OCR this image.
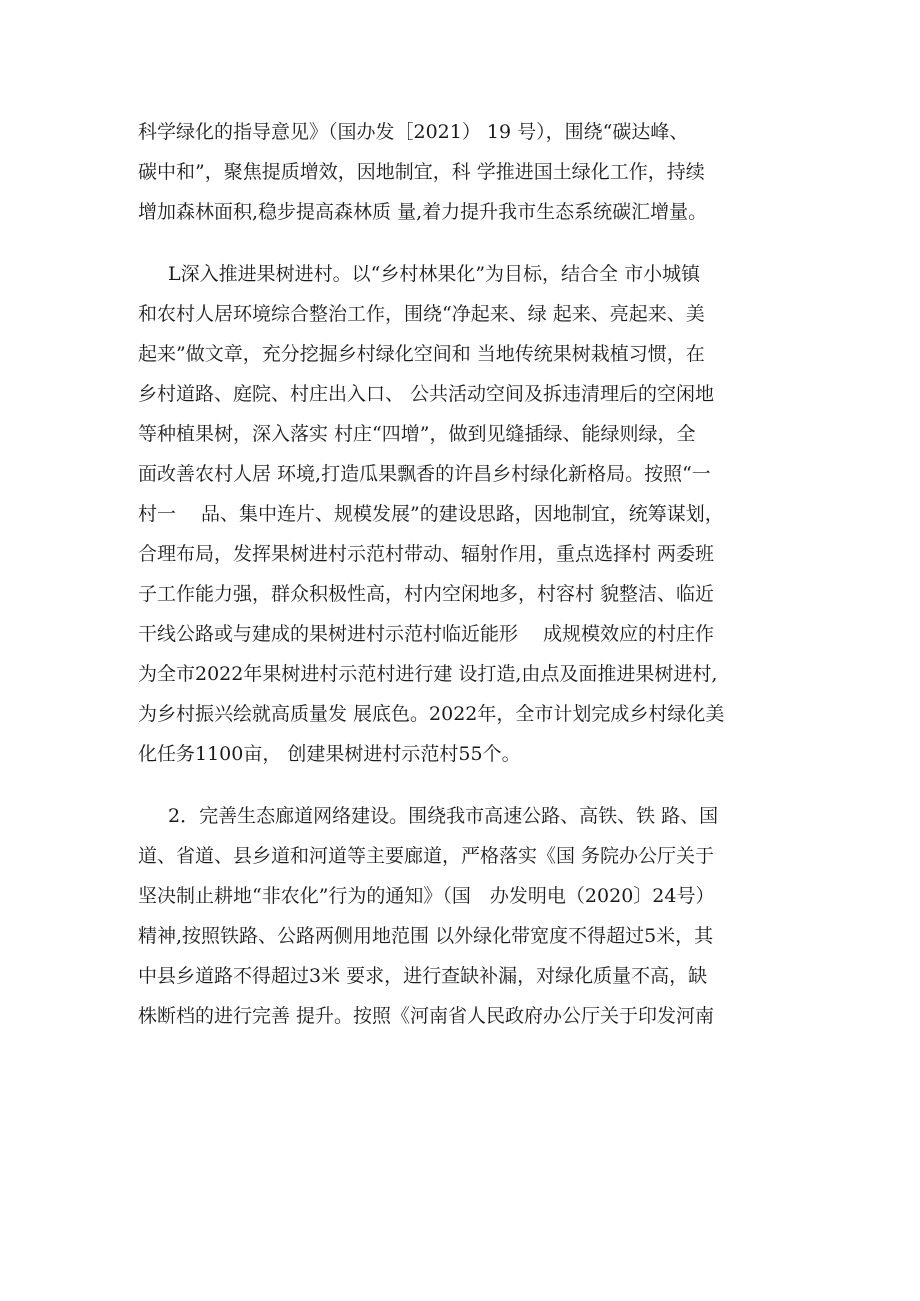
科学绿化的指导意见》（国办发［2021） 19 号），围绕“碳达峰、
碳中和”，聚焦提质增效，因地制宜，科 学推进国土绿化工作，持续
增加森林面积,稳步提高森林质 量,着力提升我市生态系统碳汇增量。

L深入推进果树进村。以“乡村林果化”为目标，结合全 市小城镇
和农村人居环境综合整治工作，围绕“净起来、绿 起来、亮起来、美
起来”做文章，充分挖掘乡村绿化空间和 当地传统果树栽植习惯，在
乡村道路、庭院、村庄出入口、 公共活动空间及拆违清理后的空闲地
等种植果树，深入落实 村庄“四增”，做到见缝插绿、能绿则绿，全
面改善农村人居 环境,打造瓜果飘香的许昌乡村绿化新格局。按照“一
村一　 品、集中连片、规模发展”的建设思路，因地制宜，统筹谋划，
合理布局，发挥果树进村示范村带动、辐射作用，重点选择村 两委班
子工作能力强，群众积极性高，村内空闲地多，村容村 貌整洁、临近
干线公路或与建成的果树进村示范村临近能形　 成规模效应的村庄作
为全市2022年果树进村示范村进行建 设打造,由点及面推进果树进村,
为乡村振兴绘就高质量发 展底色。2022年，全市计划完成乡村绿化美
化任务1100亩， 创建果树进村示范村55个。

2．完善生态廊道网络建设。围绕我市高速公路、高铁、铁 路、国
道、省道、县乡道和河道等主要廊道，严格落实《国 务院办公厅关于
坚决制止耕地“非农化”行为的通知》（国　办发明电（2020〕24号）
精神,按照铁路、公路两侧用地范围 以外绿化带宽度不得超过5米，其
中县乡道路不得超过3米 要求，进行查缺补漏，对绿化质量不高，缺
株断档的进行完善 提升。按照《河南省人民政府办公厅关于印发河南
